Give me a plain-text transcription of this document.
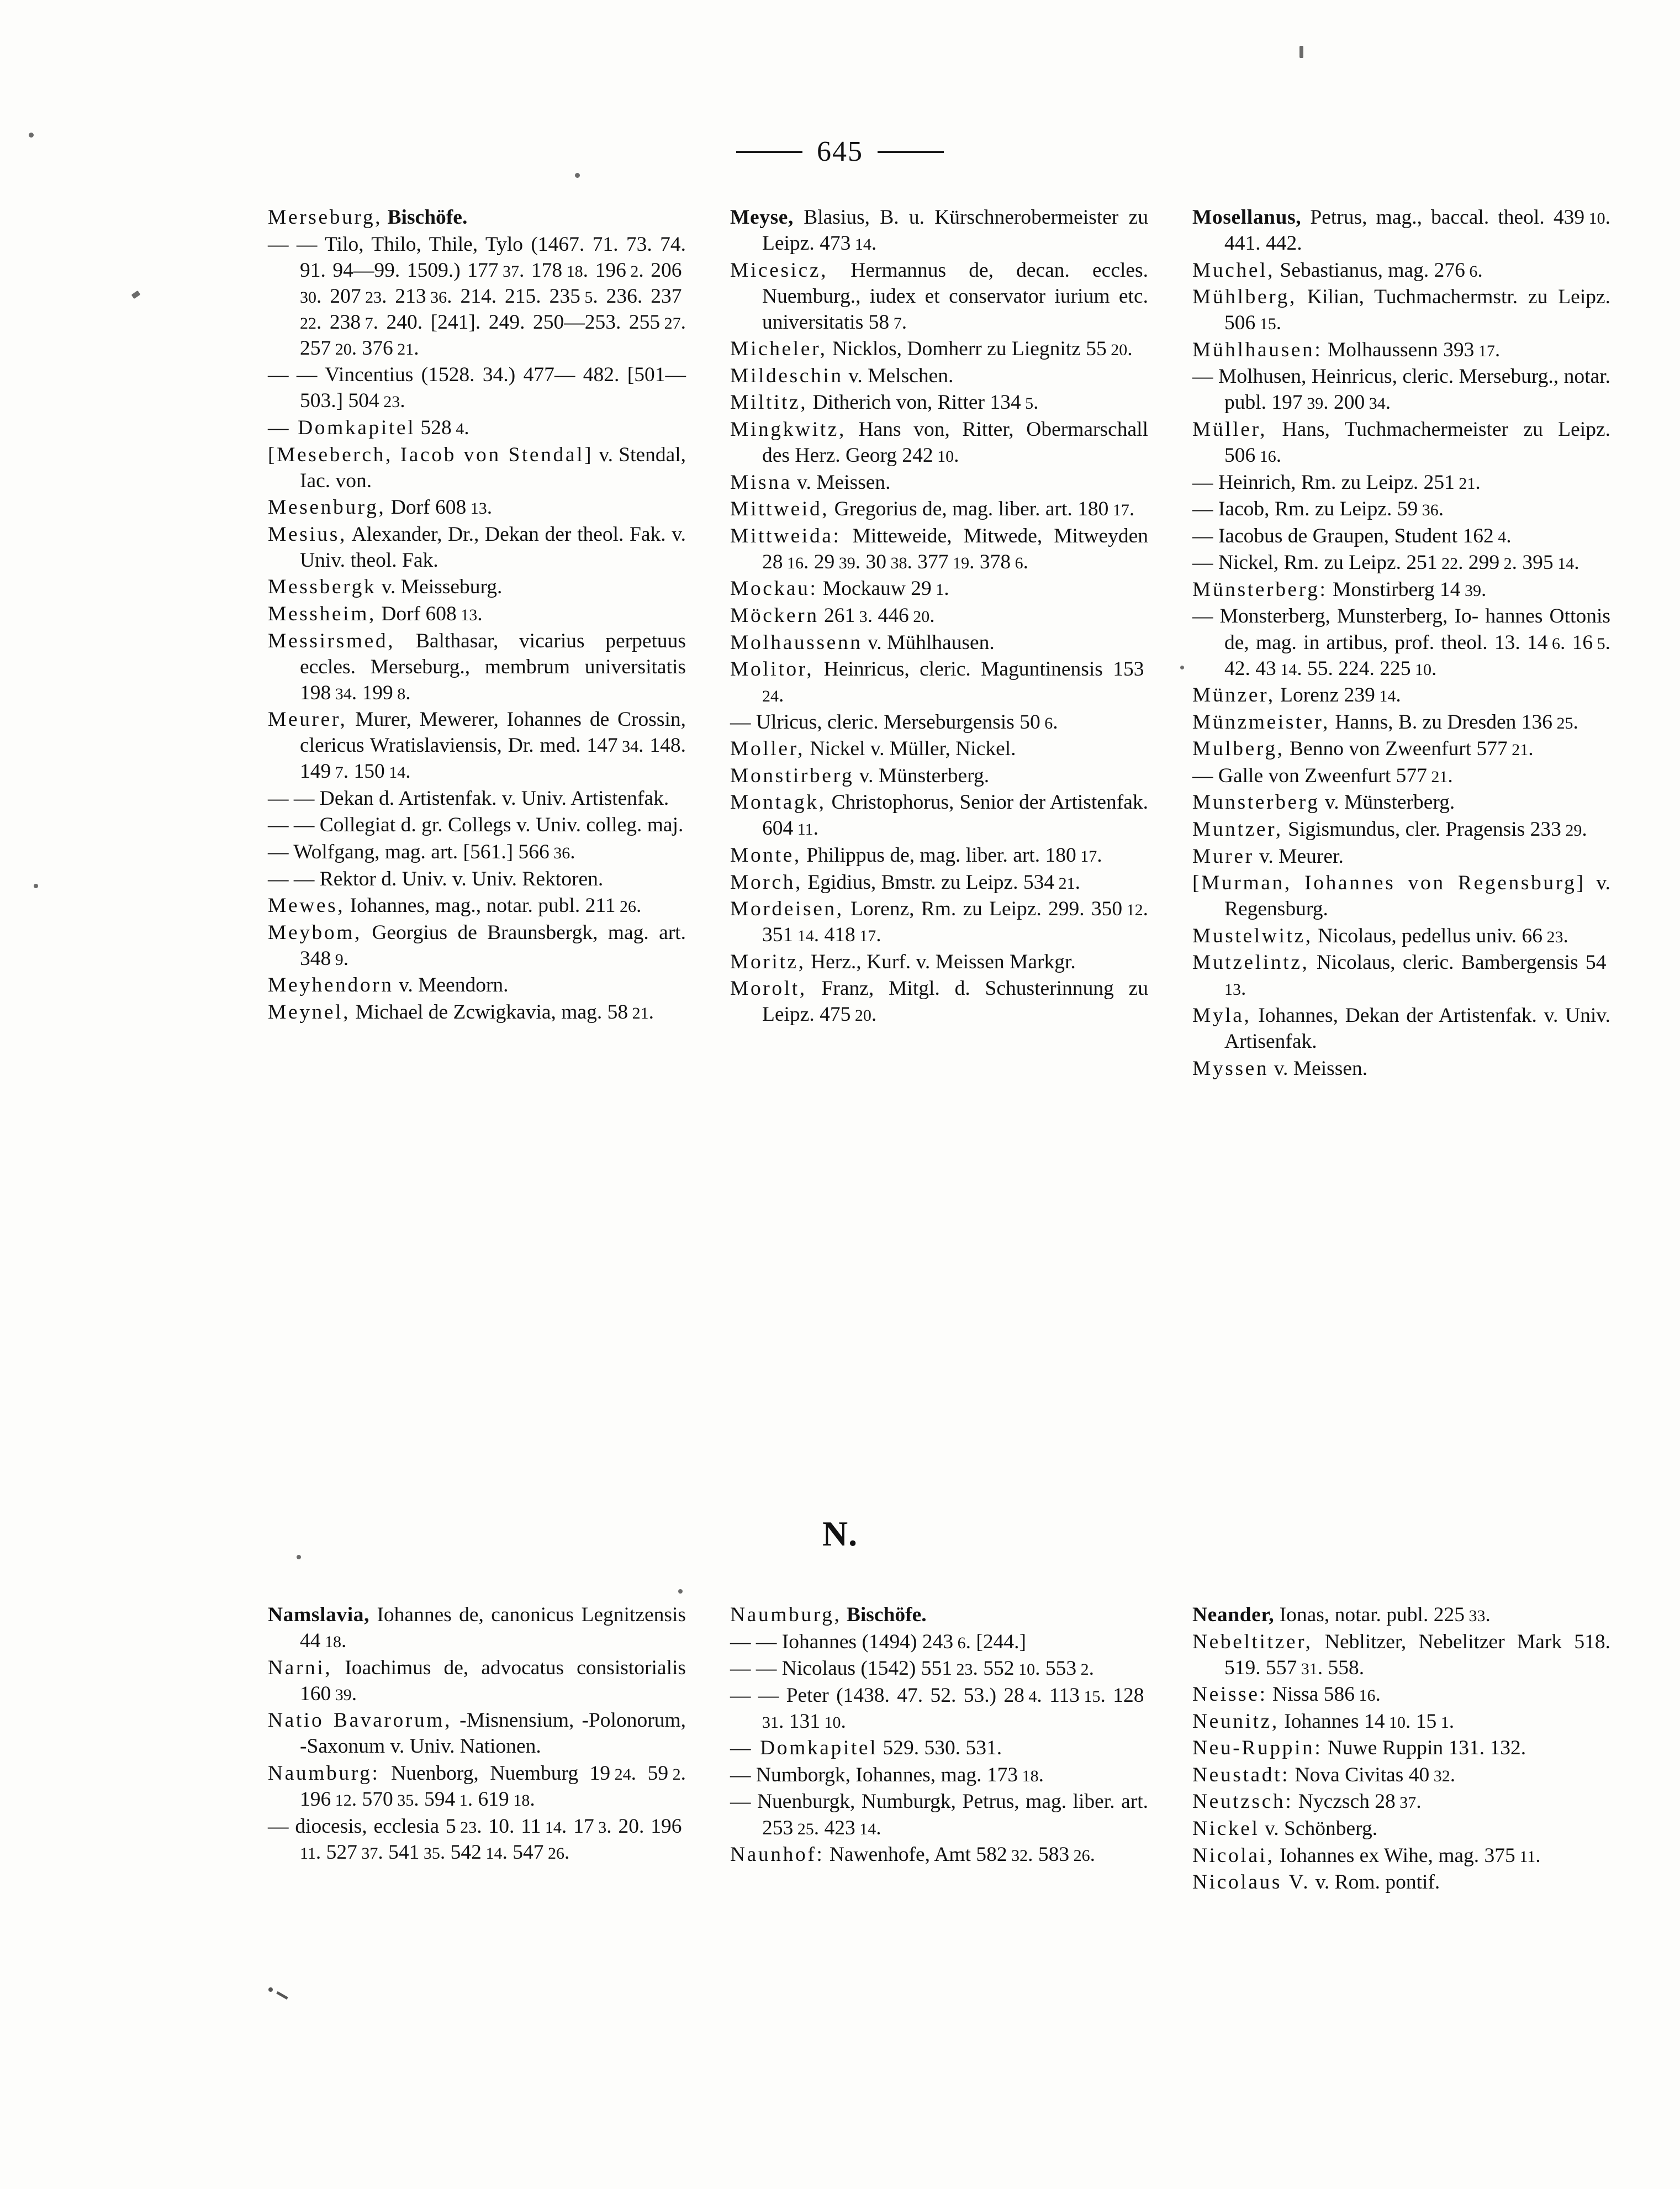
645

Merseburg, Bischöfe.

— — Tilo, Thilo, Thile, Tylo (1467. 71. 73. 74. 91. 94—99. 1509.) 177 37. 178 18. 196 2. 206 30. 207 23. 213 36. 214. 215. 235 5. 236. 237 22. 238 7. 240. [241]. 249. 250—253. 255 27. 257 20. 376 21.

— — Vincentius (1528. 34.) 477— 482. [501—503.] 504 23.

— Domkapitel 528 4.

[Meseberch, Iacob von Stendal] v. Stendal, Iac. von.

Mesenburg, Dorf 608 13.

Mesius, Alexander, Dr., Dekan der theol. Fak. v. Univ. theol. Fak.

Messbergk v. Meisseburg.

Messheim, Dorf 608 13.

Messirsmed, Balthasar, vicarius perpetuus eccles. Merseburg., membrum universitatis 198 34. 199 8.

Meurer, Murer, Mewerer, Iohannes de Crossin, clericus Wratislaviensis, Dr. med. 147 34. 148. 149 7. 150 14.

— — Dekan d. Artistenfak. v. Univ. Artistenfak.

— — Collegiat d. gr. Collegs v. Univ. colleg. maj.

— Wolfgang, mag. art. [561.] 566 36.

— — Rektor d. Univ. v. Univ. Rektoren.

Mewes, Iohannes, mag., notar. publ. 211 26.

Meybom, Georgius de Braunsbergk, mag. art. 348 9.

Meyhendorn v. Meendorn.

Meynel, Michael de Zcwigkavia, mag. 58 21.

Meyse, Blasius, B. u. Kürschnerobermeister zu Leipz. 473 14.

Micesicz, Hermannus de, decan. eccles. Nuemburg., iudex et conservator iurium etc. universitatis 58 7.

Micheler, Nicklos, Domherr zu Liegnitz 55 20.

Mildeschin v. Melschen.

Miltitz, Ditherich von, Ritter 134 5.

Mingkwitz, Hans von, Ritter, Obermarschall des Herz. Georg 242 10.

Misna v. Meissen.

Mittweid, Gregorius de, mag. liber. art. 180 17.

Mittweida: Mitteweide, Mitwede, Mitweyden 28 16. 29 39. 30 38. 377 19. 378 6.

Mockau: Mockauw 29 1.

Möckern 261 3. 446 20.

Molhaussenn v. Mühlhausen.

Molitor, Heinricus, cleric. Maguntinensis 153 24.

— Ulricus, cleric. Merseburgensis 50 6.

Moller, Nickel v. Müller, Nickel.

Monstirberg v. Münsterberg.

Montagk, Christophorus, Senior der Artistenfak. 604 11.

Monte, Philippus de, mag. liber. art. 180 17.

Morch, Egidius, Bmstr. zu Leipz. 534 21.

Mordeisen, Lorenz, Rm. zu Leipz. 299. 350 12. 351 14. 418 17.

Moritz, Herz., Kurf. v. Meissen Markgr.

Morolt, Franz, Mitgl. d. Schusterinnung zu Leipz. 475 20.

Mosellanus, Petrus, mag., baccal. theol. 439 10. 441. 442.

Muchel, Sebastianus, mag. 276 6.

Mühlberg, Kilian, Tuchmachermstr. zu Leipz. 506 15.

Mühlhausen: Molhaussenn 393 17.

— Molhusen, Heinricus, cleric. Merseburg., notar. publ. 197 39. 200 34.

Müller, Hans, Tuchmachermeister zu Leipz. 506 16.

— Heinrich, Rm. zu Leipz. 251 21.

— Iacob, Rm. zu Leipz. 59 36.

— Iacobus de Graupen, Student 162 4.

— Nickel, Rm. zu Leipz. 251 22. 299 2. 395 14.

Münsterberg: Monstirberg 14 39.

— Monsterberg, Munsterberg, Io- hannes Ottonis de, mag. in artibus, prof. theol. 13. 14 6. 16 5. 42. 43 14. 55. 224. 225 10.

Münzer, Lorenz 239 14.

Münzmeister, Hanns, B. zu Dresden 136 25.

Mulberg, Benno von Zweenfurt 577 21.

— Galle von Zweenfurt 577 21.

Munsterberg v. Münsterberg.

Muntzer, Sigismundus, cler. Pragensis 233 29.

Murer v. Meurer.

[Murman, Iohannes von Regensburg] v. Regensburg.

Mustelwitz, Nicolaus, pedellus univ. 66 23.

Mutzelintz, Nicolaus, cleric. Bambergensis 54 13.

Myla, Iohannes, Dekan der Artistenfak. v. Univ. Artisenfak.

Myssen v. Meissen.

N.

Namslavia, Iohannes de, canonicus Legnitzensis 44 18.

Narni, Ioachimus de, advocatus consistorialis 160 39.

Natio Bavarorum, -Misnensium, -Polonorum, -Saxonum v. Univ. Nationen.

Naumburg: Nuenborg, Nuemburg 19 24. 59 2. 196 12. 570 35. 594 1. 619 18.

— diocesis, ecclesia 5 23. 10. 11 14. 17 3. 20. 196 11. 527 37. 541 35. 542 14. 547 26.

Naumburg, Bischöfe.

— — Iohannes (1494) 243 6. [244.]

— — Nicolaus (1542) 551 23. 552 10. 553 2.

— — Peter (1438. 47. 52. 53.) 28 4. 113 15. 128 31. 131 10.

— Domkapitel 529. 530. 531.

— Numborgk, Iohannes, mag. 173 18.

— Nuenburgk, Numburgk, Petrus, mag. liber. art. 253 25. 423 14.

Naunhof: Nawenhofe, Amt 582 32. 583 26.

Neander, Ionas, notar. publ. 225 33.

Nebeltitzer, Neblitzer, Nebelitzer Mark 518. 519. 557 31. 558.

Neisse: Nissa 586 16.

Neunitz, Iohannes 14 10. 15 1.

Neu-Ruppin: Nuwe Ruppin 131. 132.

Neustadt: Nova Civitas 40 32.

Neutzsch: Nyczsch 28 37.

Nickel v. Schönberg.

Nicolai, Iohannes ex Wihe, mag. 375 11.

Nicolaus V. v. Rom. pontif.
